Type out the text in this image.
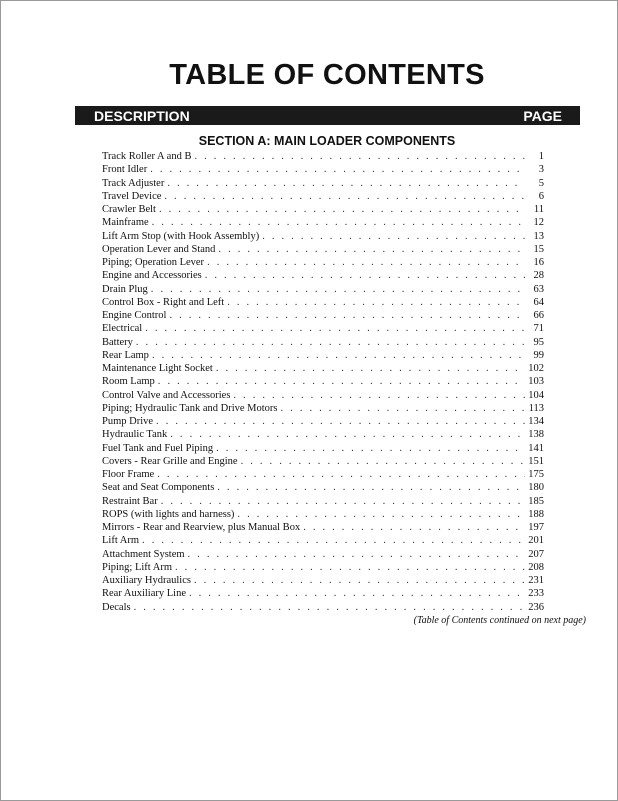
TABLE OF CONTENTS
DESCRIPTION	PAGE
SECTION A: MAIN LOADER COMPONENTS
Track Roller A and B . . .	1
Front Idler . . .	3
Track Adjuster . . .	5
Travel Device . . .	6
Crawler Belt . . .	11
Mainframe . . .	12
Lift Arm Stop (with Hook Assembly) . . .	13
Operation Lever and Stand . . .	15
Piping; Operation Lever . . .	16
Engine and Accessories . . .	28
Drain Plug . . .	63
Control Box - Right and Left . . .	64
Engine Control . . .	66
Electrical . . .	71
Battery . . .	95
Rear Lamp . . .	99
Maintenance Light Socket . . .	102
Room Lamp . . .	103
Control Valve and Accessories . . .	104
Piping; Hydraulic Tank and Drive Motors . . .	113
Pump Drive . . .	134
Hydraulic Tank . . .	138
Fuel Tank and Fuel Piping . . .	141
Covers - Rear Grille and Engine . . .	151
Floor Frame . . .	175
Seat and Seat Components . . .	180
Restraint Bar . . .	185
ROPS (with lights and harness) . . .	188
Mirrors - Rear and Rearview, plus Manual Box . . .	197
Lift Arm . . .	201
Attachment System . . .	207
Piping; Lift Arm . . .	208
Auxiliary Hydraulics . . .	231
Rear Auxiliary Line . . .	233
Decals . . .	236
(Table of Contents continued on next page)
